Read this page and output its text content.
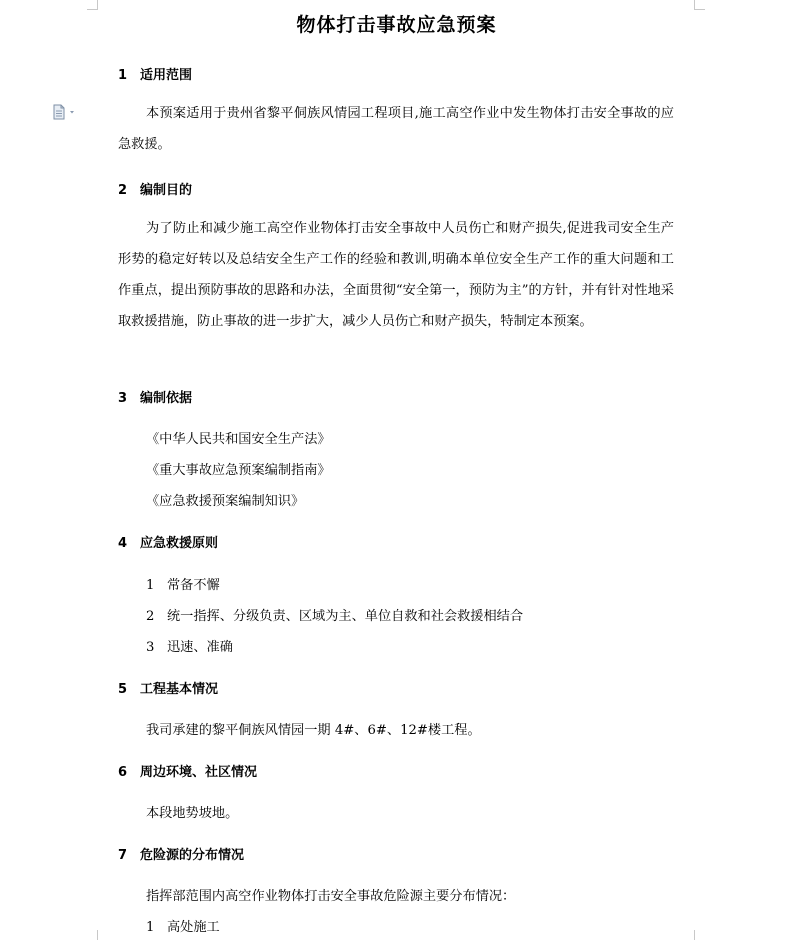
物体打击事故应急预案
1 适用范围
本预案适用于贵州省黎平侗族风情园工程项目,施工高空作业中发生物体打击安全事故的应急救援。
2 编制目的
为了防止和减少施工高空作业物体打击安全事故中人员伤亡和财产损失,促进我司安全生产形势的稳定好转以及总结安全生产工作的经验和教训,明确本单位安全生产工作的重大问题和工作重点，提出预防事故的思路和办法，全面贯彻“安全第一，预防为主”的方针，并有针对性地采取救援措施，防止事故的进一步扩大，减少人员伤亡和财产损失，特制定本预案。
3 编制依据
《中华人民共和国安全生产法》
《重大事故应急预案编制指南》
《应急救援预案编制知识》
4 应急救援原则
1 常备不懈
2 统一指挥、分级负责、区域为主、单位自救和社会救援相结合
3 迅速、准确
5 工程基本情况
我司承建的黎平侗族风情园一期 4#、6#、12#楼工程。
6 周边环境、社区情况
本段地势坡地。
7 危险源的分布情况
指挥部范围内高空作业物体打击安全事故危险源主要分布情况：
1 高处施工
